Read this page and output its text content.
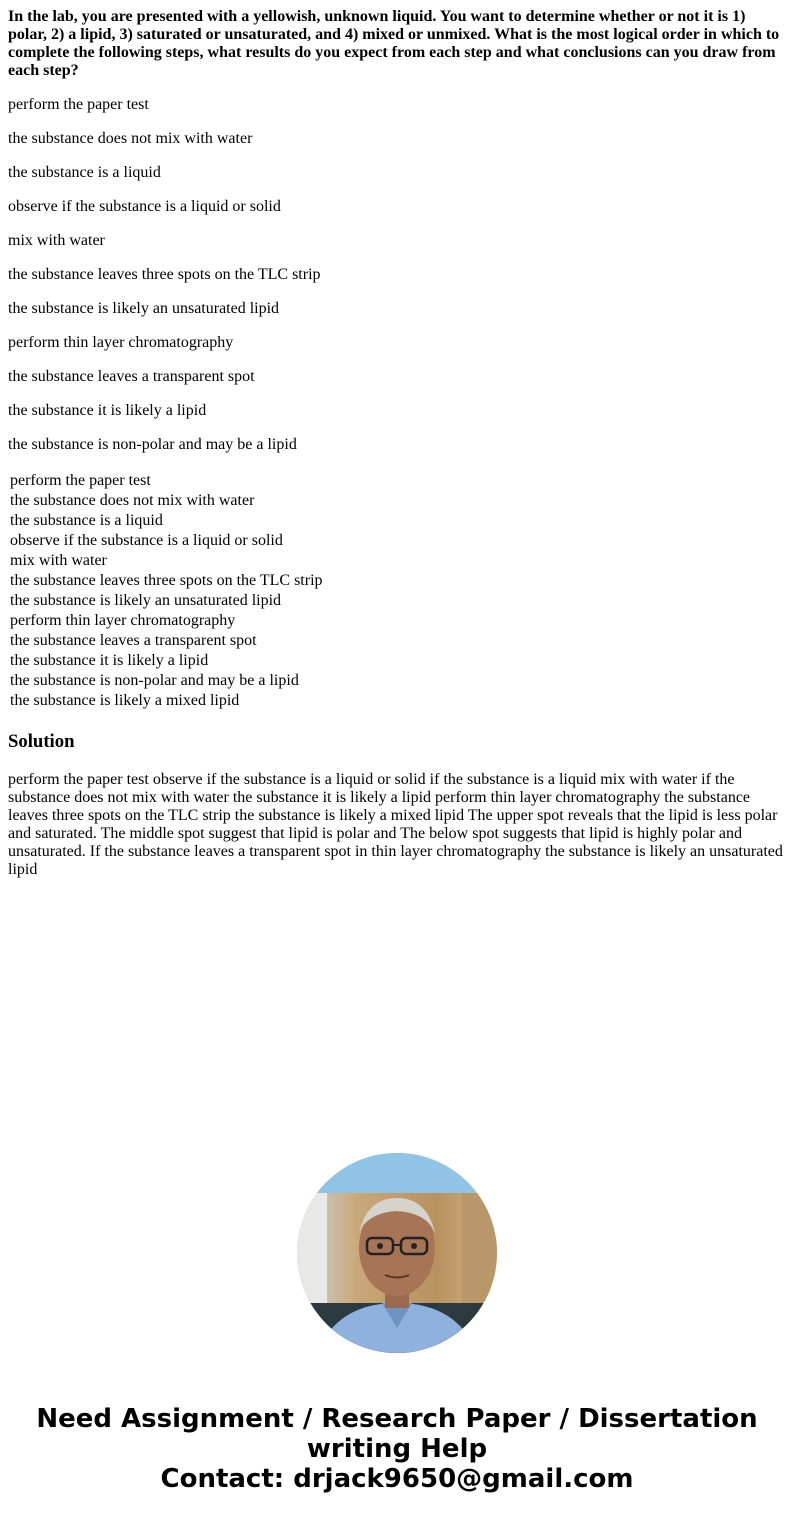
In the lab, you are presented with a yellowish, unknown liquid. You want to determine whether or not it is 1) polar, 2) a lipid, 3) saturated or unsaturated, and 4) mixed or unmixed. What is the most logical order in which to complete the following steps, what results do you expect from each step and what conclusions can you draw from each step?

perform the paper test

the substance does not mix with water

the substance is a liquid

observe if the substance is a liquid or solid

mix with water

the substance leaves three spots on the TLC strip

the substance is likely an unsaturated lipid

perform thin layer chromatography

the substance leaves a transparent spot

the substance it is likely a lipid

the substance is non-polar and may be a lipid

perform the paper test
the substance does not mix with water
the substance is a liquid
observe if the substance is a liquid or solid
mix with water
the substance leaves three spots on the TLC strip
the substance is likely an unsaturated lipid
perform thin layer chromatography
the substance leaves a transparent spot
the substance it is likely a lipid
the substance is non-polar and may be a lipid
the substance is likely a mixed lipid
Solution

perform the paper test observe if the substance is a liquid or solid if the substance is a liquid mix with water if the substance does not mix with water the substance it is likely a lipid perform thin layer chromatography the substance leaves three spots on the TLC strip the substance is likely a mixed lipid The upper spot reveals that the lipid is less polar and saturated. The middle spot suggest that lipid is polar and The below spot suggests that lipid is highly polar and unsaturated. If the substance leaves a transparent spot in thin layer chromatography the substance is likely an unsaturated lipid

Need Assignment / Research Paper / Dissertation
writing Help
Contact: drjack9650@gmail.com
